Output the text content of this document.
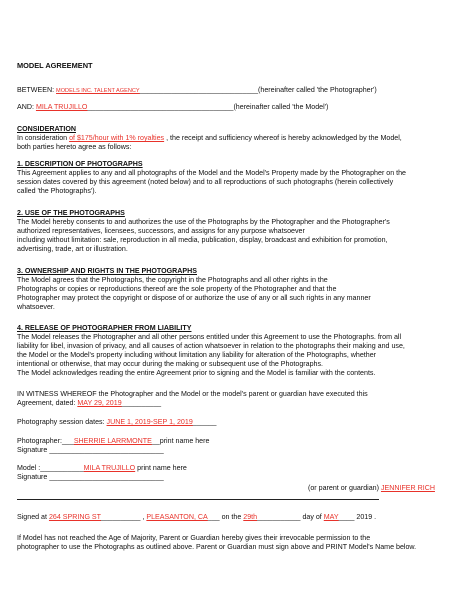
MODEL AGREEMENT
BETWEEN: MODELS INC. TALENT AGENCY______________________________(hereinafter called 'the Photographer')
AND: MILA TRUJILLO_____________________________________(hereinafter called 'the Model')
CONSIDERATION
In consideration of $175/hour with 1% royalties , the receipt and sufficiency whereof is hereby acknowledged by the Model,
both parties hereto agree as follows:
1. DESCRIPTION OF PHOTOGRAPHS
This Agreement applies to any and all photographs of the Model and the Model's Property made by the Photographer on the
session dates covered by this agreement (noted below) and to all reproductions of such photographs (herein collectively
called 'the Photographs').
2. USE OF THE PHOTOGRAPHS
The Model hereby consents to and authorizes the use of the Photographs by the Photographer and the Photographer's
authorized representatives, licensees, successors, and assigns for any purpose whatsoever
including without limitation: sale, reproduction in all media, publication, display, broadcast and exhibition for promotion,
advertising, trade, art or illustration.
3. OWNERSHIP AND RIGHTS IN THE PHOTOGRAPHS
The Model agrees that the Photographs, the copyright in the Photographs and all other rights in the
Photographs or copies or reproductions thereof are the sole property of the Photographer and that the
Photographer may protect the copyright or dispose of or authorize the use of any or all such rights in any manner
whatsoever.
4. RELEASE OF PHOTOGRAPHER FROM LIABILITY
The Model releases the Photographer and all other persons entitled under this Agreement to use the Photographs. from all
liability for libel, invasion of privacy, and all causes of action whatsoever in relation to the photographs their making and use,
the Model or the Model's property including without limitation any liability for alteration of the Photographs, whether
intentional or otherwise, that may occur during the making or subsequent use of the Photographs.
The Model acknowledges reading the entire Agreement prior to signing and the Model is familiar with the contents.
IN WITNESS WHEREOF the Photographer and the Model or the model's parent or guardian have executed this
Agreement, dated: MAY 29, 2019__________
Photography session dates: JUNE 1, 2019-SEP 1, 2019______
Photographer:___SHERRIE LARRMONTE__print name here
Signature _____________________________
Model :___________MILA TRUJILLO print name here
Signature _____________________________
(or parent or guardian) JENNIFER RICH
Signed at 264 SPRING ST__________ , PLEASANTON, CA___ on the 29th___________ day of MAY____ 2019 .
If Model has not reached the Age of Majority, Parent or Guardian hereby gives their irrevocable permission to the
photographer to use the Photographs as outlined above. Parent or Guardian must sign above and PRINT Model's Name below.
